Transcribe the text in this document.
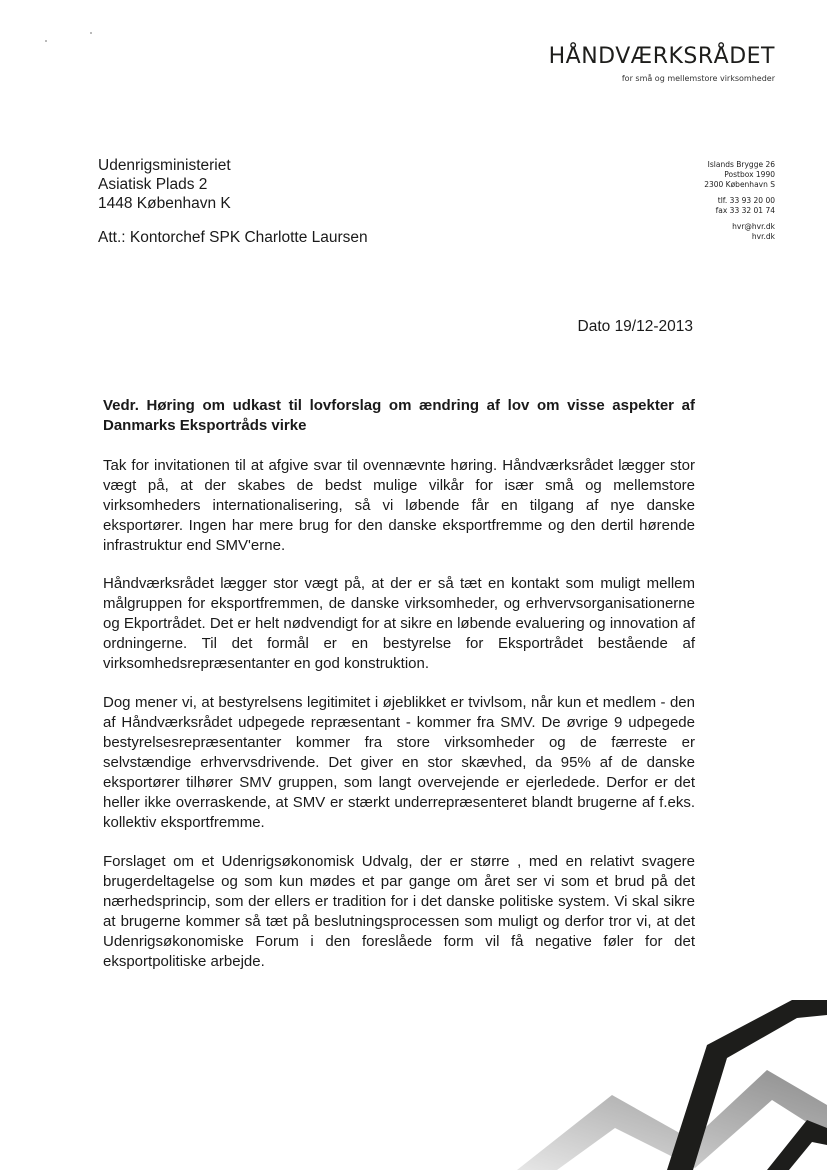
HÅNDVÆRKSRÅDET
for små og mellemstore virksomheder
Udenrigsministeriet
Asiatisk Plads 2
1448 København K
Att.: Kontorchef SPK Charlotte Laursen
Islands Brygge 26
Postbox 1990
2300 København S
tlf. 33 93 20 00
fax 33 32 01 74
hvr@hvr.dk
hvr.dk
Dato 19/12-2013
Vedr. Høring om udkast til lovforslag om ændring af lov om visse aspekter af Danmarks Eksportråds virke
Tak for invitationen til at afgive svar til ovennævnte høring. Håndværksrådet lægger stor vægt på, at der skabes de bedst mulige vilkår for især små og mellemstore virksomheders internationalisering, så vi løbende får en tilgang af nye danske eksportører. Ingen har mere brug for den danske eksportfremme og den dertil hørende infrastruktur end SMV'erne.
Håndværksrådet lægger stor vægt på, at der er så tæt en kontakt som muligt mellem målgruppen for eksportfremmen, de danske virksomheder, og erhvervsorganisationerne og Ekportrådet. Det er helt nødvendigt for at sikre en løbende evaluering og innovation af ordningerne. Til det formål er en bestyrelse for Eksportrådet bestående af virksomhedsrepræsentanter en god konstruktion.
Dog mener vi, at bestyrelsens legitimitet i øjeblikket er tvivlsom, når kun et medlem - den af Håndværksrådet udpegede repræsentant - kommer fra SMV. De øvrige 9 udpegede bestyrelsesrepræsentanter kommer fra store virksomheder og de færreste er selvstændige erhvervsdrivende. Det giver en stor skævhed, da 95% af de danske eksportører tilhører SMV gruppen, som langt overvejende er ejerledede. Derfor er det heller ikke overraskende, at SMV er stærkt underrepræsenteret blandt brugerne af f.eks. kollektiv eksportfremme.
Forslaget om et Udenrigsøkonomisk Udvalg, der er større , med en relativt svagere brugerdeltagelse og som kun mødes et par gange om året ser vi som et brud på det nærhedsprincip, som der ellers er tradition for i det danske politiske system. Vi skal sikre at brugerne kommer så tæt på beslutningsprocessen som muligt og derfor tror vi, at det Udenrigsøkonomiske Forum i den foreslåede form vil få negative føler for det eksportpolitiske arbejde.
